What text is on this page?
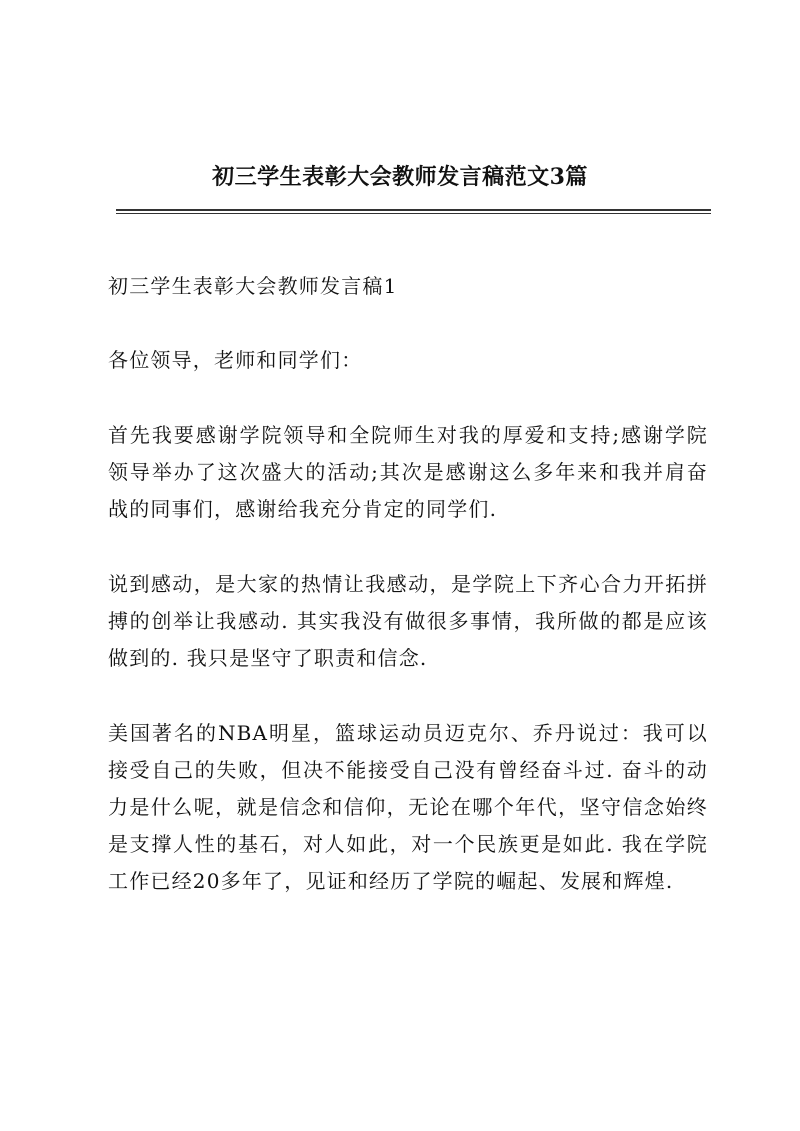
初三学生表彰大会教师发言稿范文3篇

初三学生表彰大会教师发言稿1

各位领导，老师和同学们：

首先我要感谢学院领导和全院师生对我的厚爱和支持;感谢学院领导举办了这次盛大的活动;其次是感谢这么多年来和我并肩奋战的同事们，感谢给我充分肯定的同学们.

说到感动，是大家的热情让我感动，是学院上下齐心合力开拓拼搏的创举让我感动. 其实我没有做很多事情，我所做的都是应该做到的. 我只是坚守了职责和信念.

美国著名的NBA明星，篮球运动员迈克尔、乔丹说过：我可以接受自己的失败，但决不能接受自己没有曾经奋斗过. 奋斗的动力是什么呢，就是信念和信仰，无论在哪个年代，坚守信念始终是支撑人性的基石，对人如此，对一个民族更是如此. 我在学院工作已经20多年了，见证和经历了学院的崛起、发展和辉煌.
